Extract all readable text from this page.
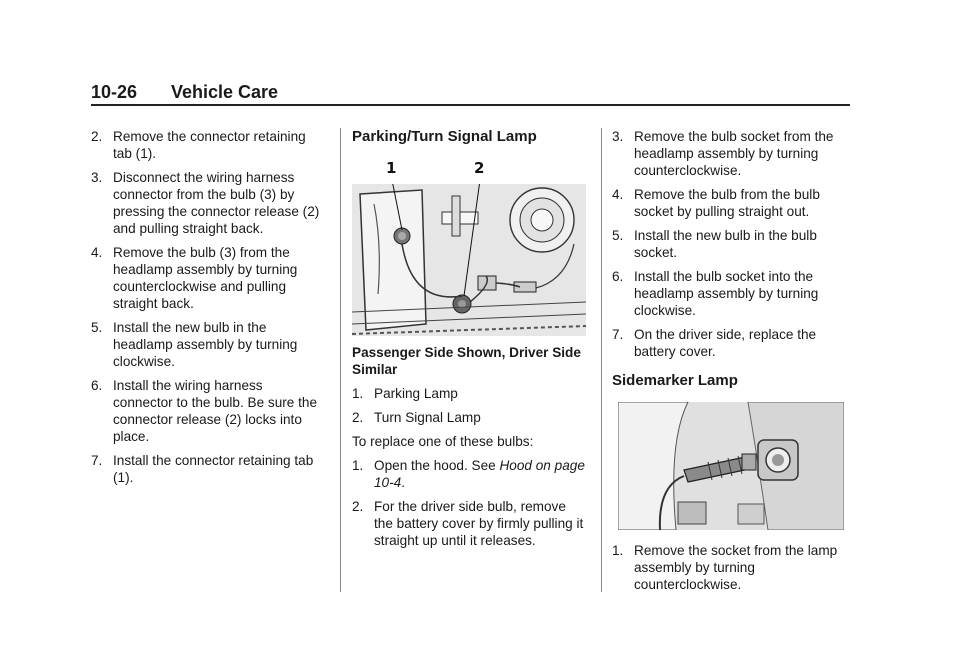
10-26 Vehicle Care
2. Remove the connector retaining tab (1).
3. Disconnect the wiring harness connector from the bulb (3) by pressing the connector release (2) and pulling straight back.
4. Remove the bulb (3) from the headlamp assembly by turning counterclockwise and pulling straight back.
5. Install the new bulb in the headlamp assembly by turning clockwise.
6. Install the wiring harness connector to the bulb. Be sure the connector release (2) locks into place.
7. Install the connector retaining tab (1).
Parking/Turn Signal Lamp
1	2
Passenger Side Shown, Driver Side Similar
1. Parking Lamp
2. Turn Signal Lamp
To replace one of these bulbs:
1. Open the hood. See Hood on page 10-4.
2. For the driver side bulb, remove the battery cover by firmly pulling it straight up until it releases.
3. Remove the bulb socket from the headlamp assembly by turning counterclockwise.
4. Remove the bulb from the bulb socket by pulling straight out.
5. Install the new bulb in the bulb socket.
6. Install the bulb socket into the headlamp assembly by turning clockwise.
7. On the driver side, replace the battery cover.
Sidemarker Lamp
1. Remove the socket from the lamp assembly by turning counterclockwise.
